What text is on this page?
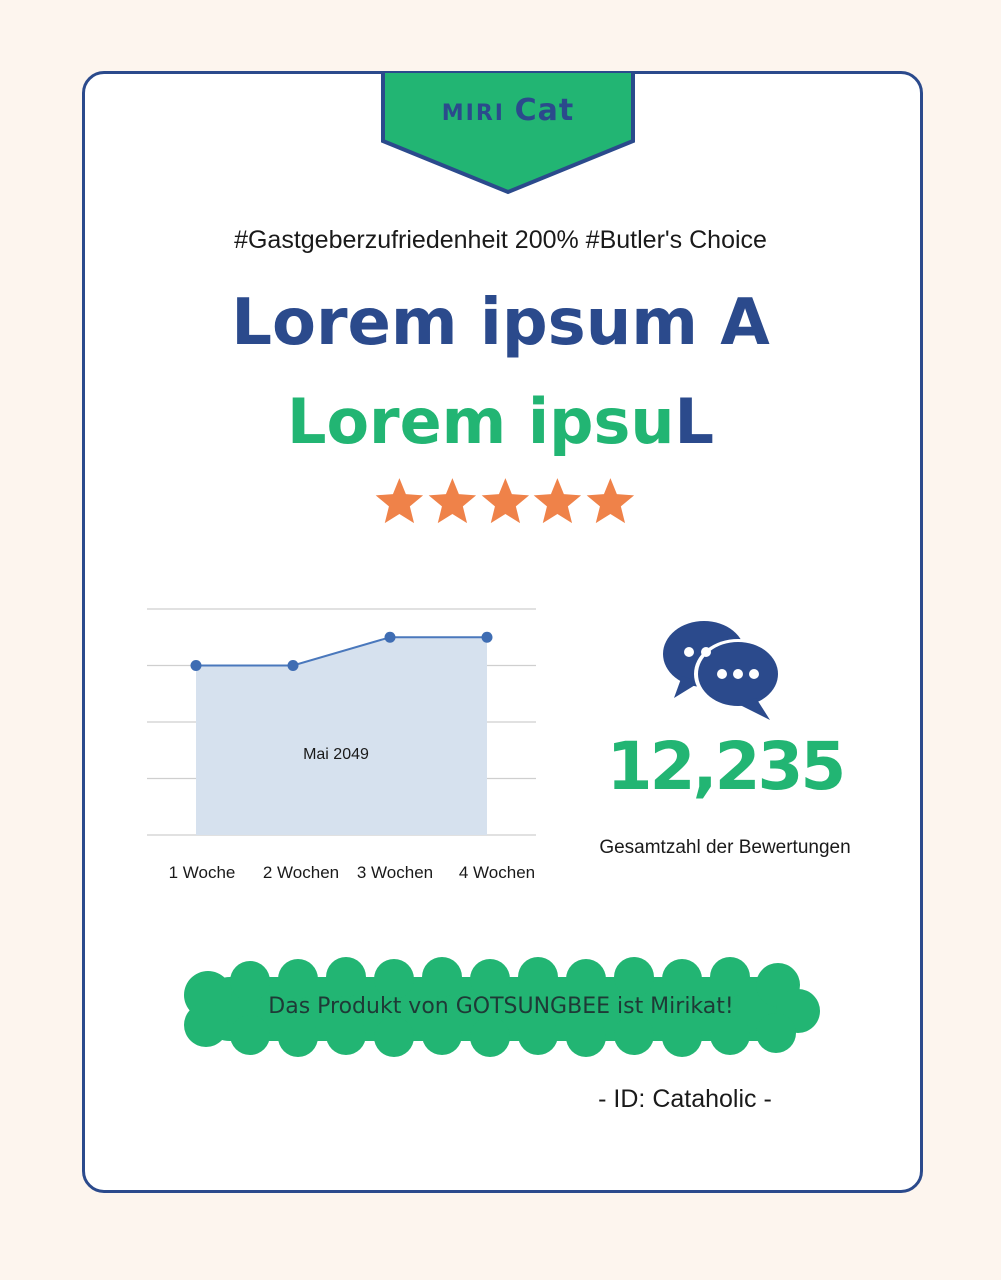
MIRI Cat
#Gastgeberzufriedenheit 200% #Butler's Choice
Lorem ipsum A
Lorem ipsuL
Mai 2049
1 Woche 2 Wochen 3 Wochen 4 Wochen
12,235
Gesamtzahl der Bewertungen
Das Produkt von GOTSUNGBEE ist Mirikat!
- ID: Cataholic -
